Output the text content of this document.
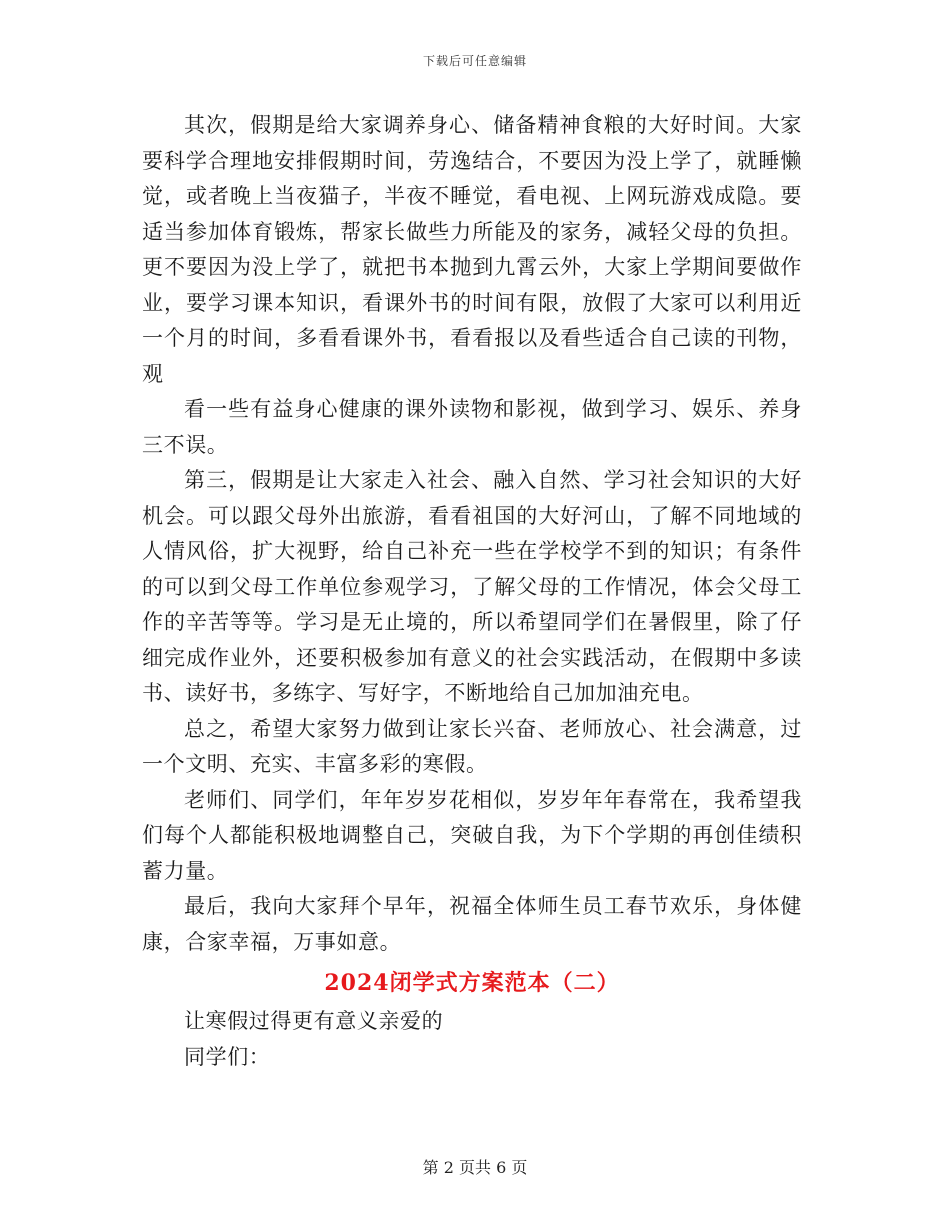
下载后可任意编辑

其次，假期是给大家调养身心、储备精神食粮的大好时间。大家要科学合理地安排假期时间，劳逸结合，不要因为没上学了，就睡懒觉，或者晚上当夜猫子，半夜不睡觉，看电视、上网玩游戏成隐。要适当参加体育锻炼，帮家长做些力所能及的家务，减轻父母的负担。更不要因为没上学了，就把书本抛到九霄云外，大家上学期间要做作业，要学习课本知识，看课外书的时间有限，放假了大家可以利用近一个月的时间，多看看课外书，看看报以及看些适合自己读的刊物，观

看一些有益身心健康的课外读物和影视，做到学习、娱乐、养身三不误。

第三，假期是让大家走入社会、融入自然、学习社会知识的大好机会。可以跟父母外出旅游，看看祖国的大好河山，了解不同地域的人情风俗，扩大视野，给自己补充一些在学校学不到的知识；有条件的可以到父母工作单位参观学习，了解父母的工作情况，体会父母工作的辛苦等等。学习是无止境的，所以希望同学们在暑假里，除了仔细完成作业外，还要积极参加有意义的社会实践活动，在假期中多读书、读好书，多练字、写好字，不断地给自己加加油充电。

总之，希望大家努力做到让家长兴奋、老师放心、社会满意，过一个文明、充实、丰富多彩的寒假。

老师们、同学们，年年岁岁花相似，岁岁年年春常在，我希望我们每个人都能积极地调整自己，突破自我，为下个学期的再创佳绩积蓄力量。

最后，我向大家拜个早年，祝福全体师生员工春节欢乐，身体健康，合家幸福，万事如意。

2024闭学式方案范本（二）

让寒假过得更有意义亲爱的

同学们：

第 2 页共 6 页
